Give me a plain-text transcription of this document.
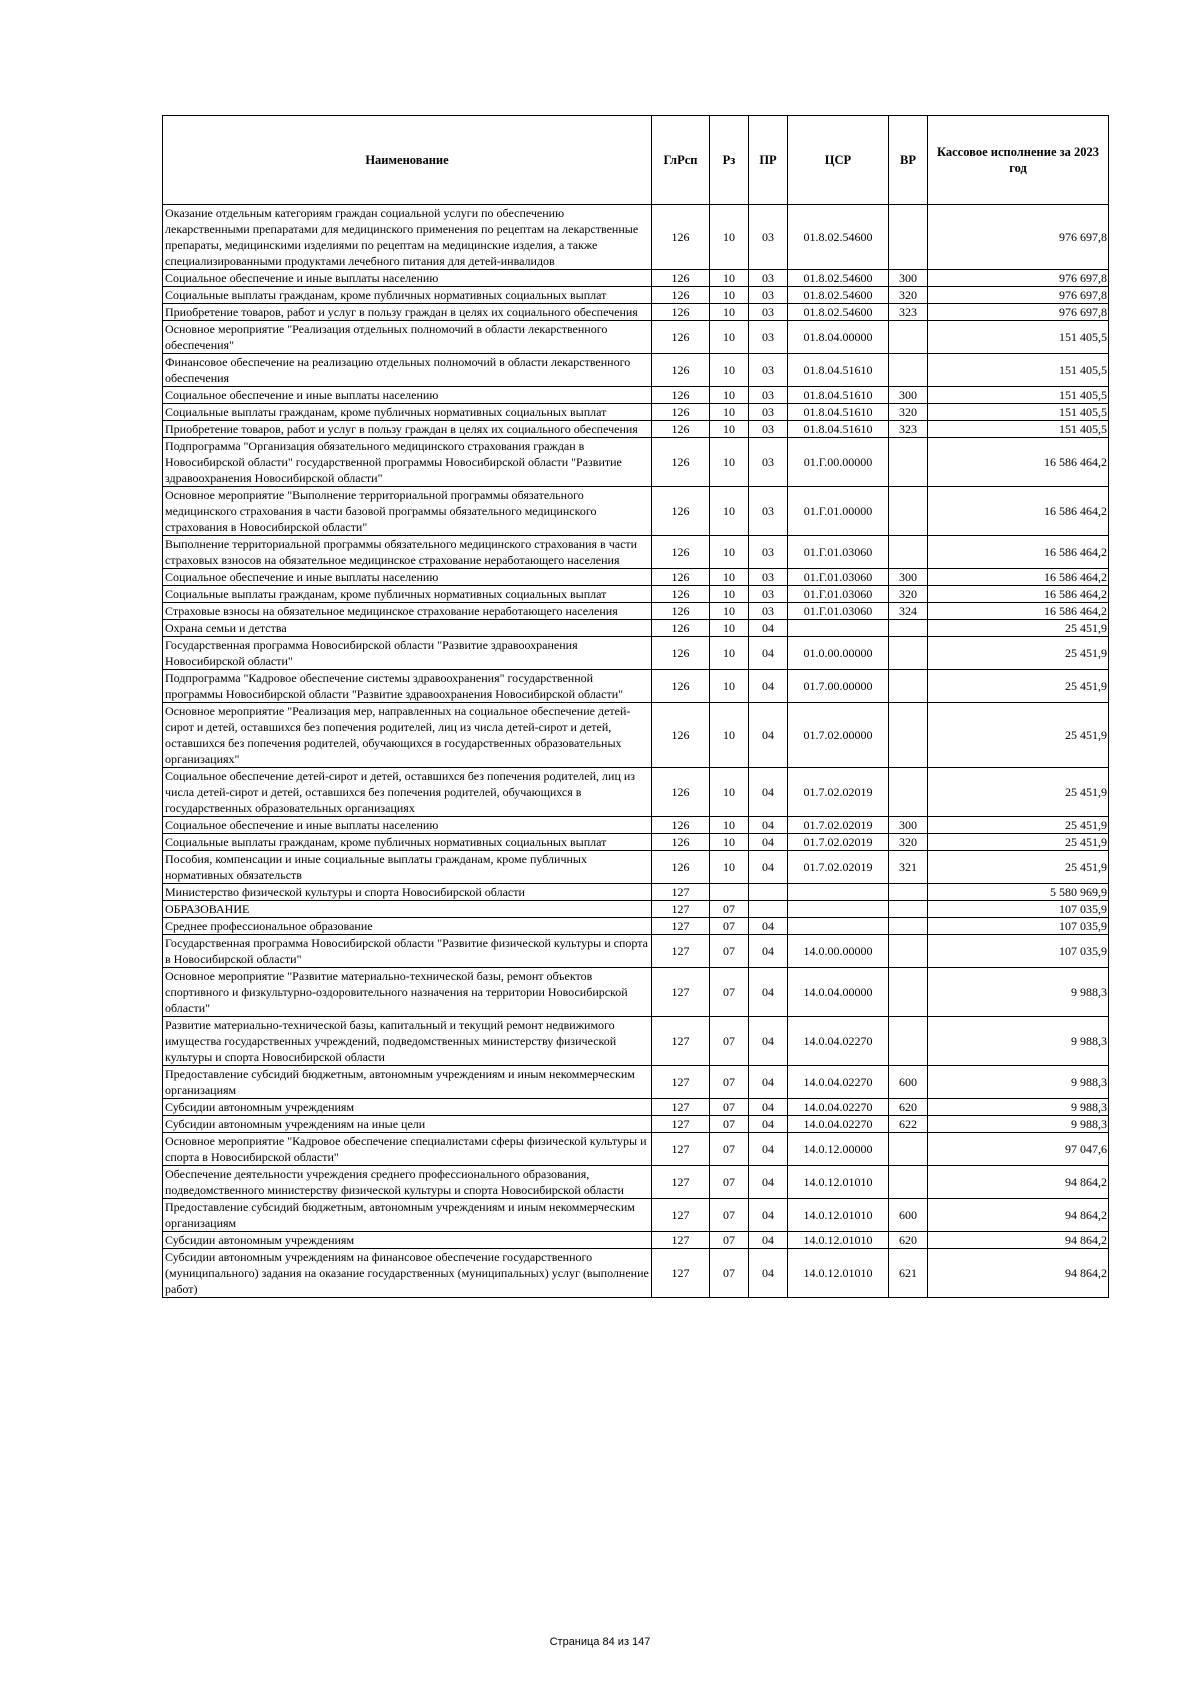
Наименование	ГлРсп	Рз	ПР	ЦСР	ВР	Кассовое исполнение за 2023 год
Оказание отдельным категориям граждан социальной услуги по обеспечению лекарственными препаратами для медицинского применения по рецептам на лекарственные препараты, медицинскими изделиями по рецептам на медицинские изделия, а также специализированными продуктами лечебного питания для детей-инвалидов	126	10	03	01.8.02.54600		976 697,8
Социальное обеспечение и иные выплаты населению	126	10	03	01.8.02.54600	300	976 697,8
Социальные выплаты гражданам, кроме публичных нормативных социальных выплат	126	10	03	01.8.02.54600	320	976 697,8
Приобретение товаров, работ и услуг в пользу граждан в целях их социального обеспечения	126	10	03	01.8.02.54600	323	976 697,8
Основное мероприятие "Реализация отдельных полномочий в области лекарственного обеспечения"	126	10	03	01.8.04.00000		151 405,5
Финансовое обеспечение на реализацию отдельных полномочий в области лекарственного обеспечения	126	10	03	01.8.04.51610		151 405,5
Социальное обеспечение и иные выплаты населению	126	10	03	01.8.04.51610	300	151 405,5
Социальные выплаты гражданам, кроме публичных нормативных социальных выплат	126	10	03	01.8.04.51610	320	151 405,5
Приобретение товаров, работ и услуг в пользу граждан в целях их социального обеспечения	126	10	03	01.8.04.51610	323	151 405,5
Подпрограмма "Организация обязательного медицинского страхования граждан в Новосибирской области" государственной программы Новосибирской области "Развитие здравоохранения Новосибирской области"	126	10	03	01.Г.00.00000		16 586 464,2
Основное мероприятие "Выполнение территориальной программы обязательного медицинского страхования в части базовой программы обязательного медицинского страхования в Новосибирской области"	126	10	03	01.Г.01.00000		16 586 464,2
Выполнение территориальной программы обязательного медицинского страхования в части страховых взносов на обязательное медицинское страхование неработающего населения	126	10	03	01.Г.01.03060		16 586 464,2
Социальное обеспечение и иные выплаты населению	126	10	03	01.Г.01.03060	300	16 586 464,2
Социальные выплаты гражданам, кроме публичных нормативных социальных выплат	126	10	03	01.Г.01.03060	320	16 586 464,2
Страховые взносы на обязательное медицинское страхование неработающего населения	126	10	03	01.Г.01.03060	324	16 586 464,2
Охрана семьи и детства	126	10	04			25 451,9
Государственная программа Новосибирской области "Развитие здравоохранения Новосибирской области"	126	10	04	01.0.00.00000		25 451,9
Подпрограмма "Кадровое обеспечение системы здравоохранения" государственной программы Новосибирской области "Развитие здравоохранения Новосибирской области"	126	10	04	01.7.00.00000		25 451,9
Основное мероприятие "Реализация мер, направленных на социальное обеспечение детей-сирот и детей, оставшихся без попечения родителей, лиц из числа детей-сирот и детей, оставшихся без попечения родителей, обучающихся в государственных образовательных организациях"	126	10	04	01.7.02.00000		25 451,9
Социальное обеспечение детей-сирот и детей, оставшихся без попечения родителей, лиц из числа детей-сирот и детей, оставшихся без попечения родителей, обучающихся в государственных образовательных организациях	126	10	04	01.7.02.02019		25 451,9
Социальное обеспечение и иные выплаты населению	126	10	04	01.7.02.02019	300	25 451,9
Социальные выплаты гражданам, кроме публичных нормативных социальных выплат	126	10	04	01.7.02.02019	320	25 451,9
Пособия, компенсации и иные социальные выплаты гражданам, кроме публичных нормативных обязательств	126	10	04	01.7.02.02019	321	25 451,9
Министерство физической культуры и спорта Новосибирской области	127					5 580 969,9
ОБРАЗОВАНИЕ	127	07				107 035,9
Среднее профессиональное образование	127	07	04			107 035,9
Государственная программа Новосибирской области "Развитие физической культуры и спорта в Новосибирской области"	127	07	04	14.0.00.00000		107 035,9
Основное мероприятие "Развитие материально-технической базы, ремонт объектов спортивного и физкультурно-оздоровительного назначения на территории Новосибирской области"	127	07	04	14.0.04.00000		9 988,3
Развитие материально-технической базы, капитальный и текущий ремонт недвижимого имущества государственных учреждений, подведомственных министерству физической культуры и спорта Новосибирской области	127	07	04	14.0.04.02270		9 988,3
Предоставление субсидий бюджетным, автономным учреждениям и иным некоммерческим организациям	127	07	04	14.0.04.02270	600	9 988,3
Субсидии автономным учреждениям	127	07	04	14.0.04.02270	620	9 988,3
Субсидии автономным учреждениям на иные цели	127	07	04	14.0.04.02270	622	9 988,3
Основное мероприятие "Кадровое обеспечение специалистами сферы физической культуры и спорта в Новосибирской области"	127	07	04	14.0.12.00000		97 047,6
Обеспечение деятельности учреждения среднего профессионального образования, подведомственного министерству физической культуры и спорта Новосибирской области	127	07	04	14.0.12.01010		94 864,2
Предоставление субсидий бюджетным, автономным учреждениям и иным некоммерческим организациям	127	07	04	14.0.12.01010	600	94 864,2
Субсидии автономным учреждениям	127	07	04	14.0.12.01010	620	94 864,2
Субсидии автономным учреждениям на финансовое обеспечение государственного (муниципального) задания на оказание государственных (муниципальных) услуг (выполнение работ)	127	07	04	14.0.12.01010	621	94 864,2
Страница 84 из 147
